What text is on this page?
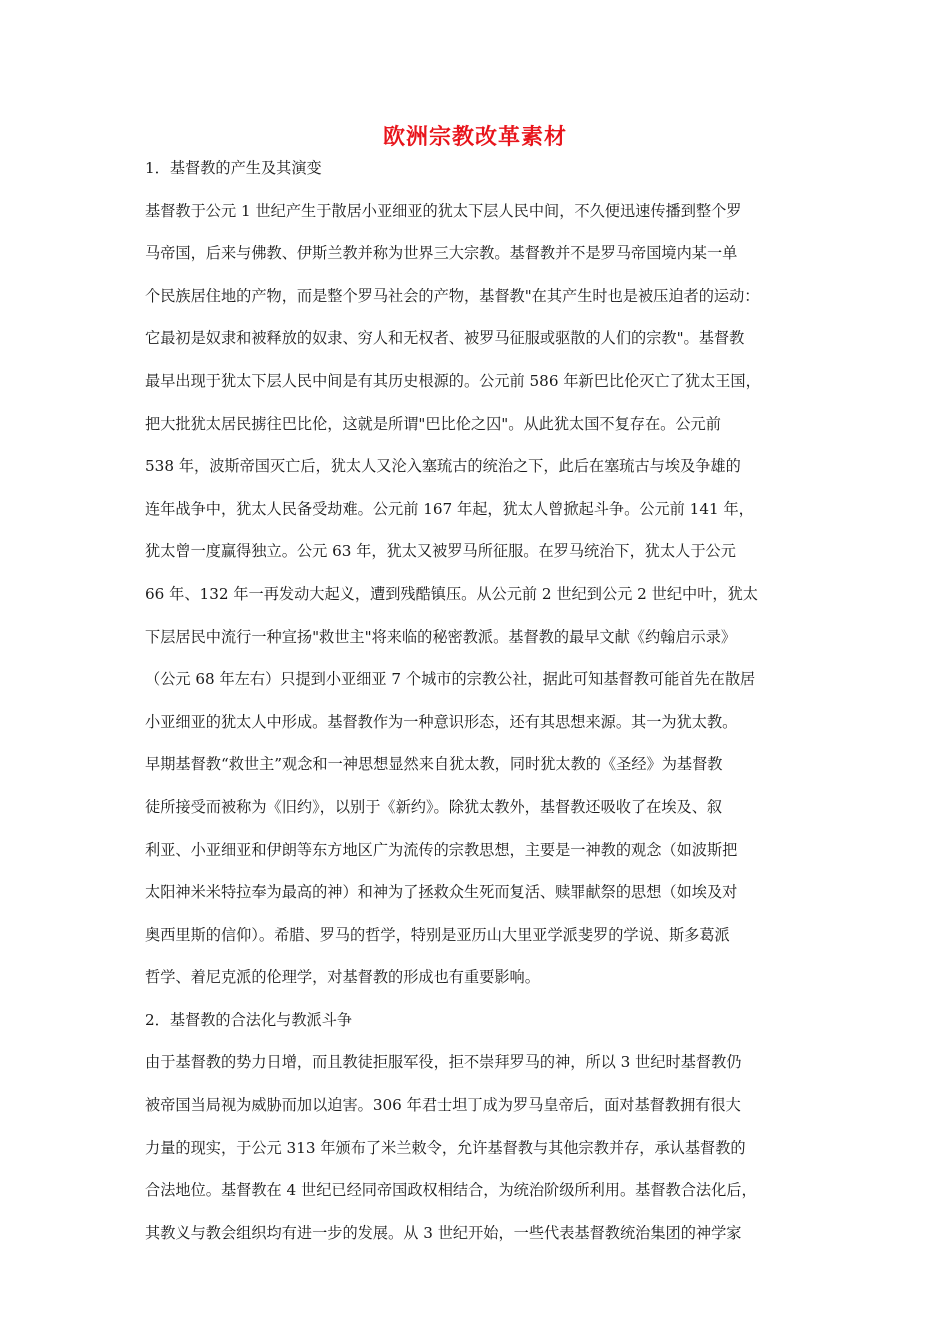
欧洲宗教改革素材
1．基督教的产生及其演变
基督教于公元 1 世纪产生于散居小亚细亚的犹太下层人民中间，不久便迅速传播到整个罗
马帝国，后来与佛教、伊斯兰教并称为世界三大宗教。基督教并不是罗马帝国境内某一单
个民族居住地的产物，而是整个罗马社会的产物，基督教"在其产生时也是被压迫者的运动：
它最初是奴隶和被释放的奴隶、穷人和无权者、被罗马征服或驱散的人们的宗教"。基督教
最早出现于犹太下层人民中间是有其历史根源的。公元前 586 年新巴比伦灭亡了犹太王国，
把大批犹太居民掳往巴比伦，这就是所谓"巴比伦之囚"。从此犹太国不复存在。公元前
538 年，波斯帝国灭亡后，犹太人又沦入塞琉古的统治之下，此后在塞琉古与埃及争雄的
连年战争中，犹太人民备受劫难。公元前 167 年起，犹太人曾掀起斗争。公元前 141 年，
犹太曾一度赢得独立。公元 63 年，犹太又被罗马所征服。在罗马统治下，犹太人于公元
66 年、132 年一再发动大起义，遭到残酷镇压。从公元前 2 世纪到公元 2 世纪中叶，犹太
下层居民中流行一种宣扬"救世主"将来临的秘密教派。基督教的最早文献《约翰启示录》
（公元 68 年左右）只提到小亚细亚 7 个城市的宗教公社，据此可知基督教可能首先在散居
小亚细亚的犹太人中形成。基督教作为一种意识形态，还有其思想来源。其一为犹太教。
早期基督教“救世主”观念和一神思想显然来自犹太教，同时犹太教的《圣经》为基督教
徒所接受而被称为《旧约》，以别于《新约》。除犹太教外，基督教还吸收了在埃及、叙
利亚、小亚细亚和伊朗等东方地区广为流传的宗教思想，主要是一神教的观念（如波斯把
太阳神米米特拉奉为最高的神）和神为了拯救众生死而复活、赎罪献祭的思想（如埃及对
奥西里斯的信仰）。希腊、罗马的哲学，特别是亚历山大里亚学派斐罗的学说、斯多葛派
哲学、着尼克派的伦理学，对基督教的形成也有重要影响。
2．基督教的合法化与教派斗争
由于基督教的势力日增，而且教徒拒服军役，拒不崇拜罗马的神，所以 3 世纪时基督教仍
被帝国当局视为威胁而加以迫害。306 年君士坦丁成为罗马皇帝后，面对基督教拥有很大
力量的现实，于公元 313 年颁布了米兰敕令，允许基督教与其他宗教并存，承认基督教的
合法地位。基督教在 4 世纪已经同帝国政权相结合，为统治阶级所利用。基督教合法化后，
其教义与教会组织均有进一步的发展。从 3 世纪开始，一些代表基督教统治集团的神学家
